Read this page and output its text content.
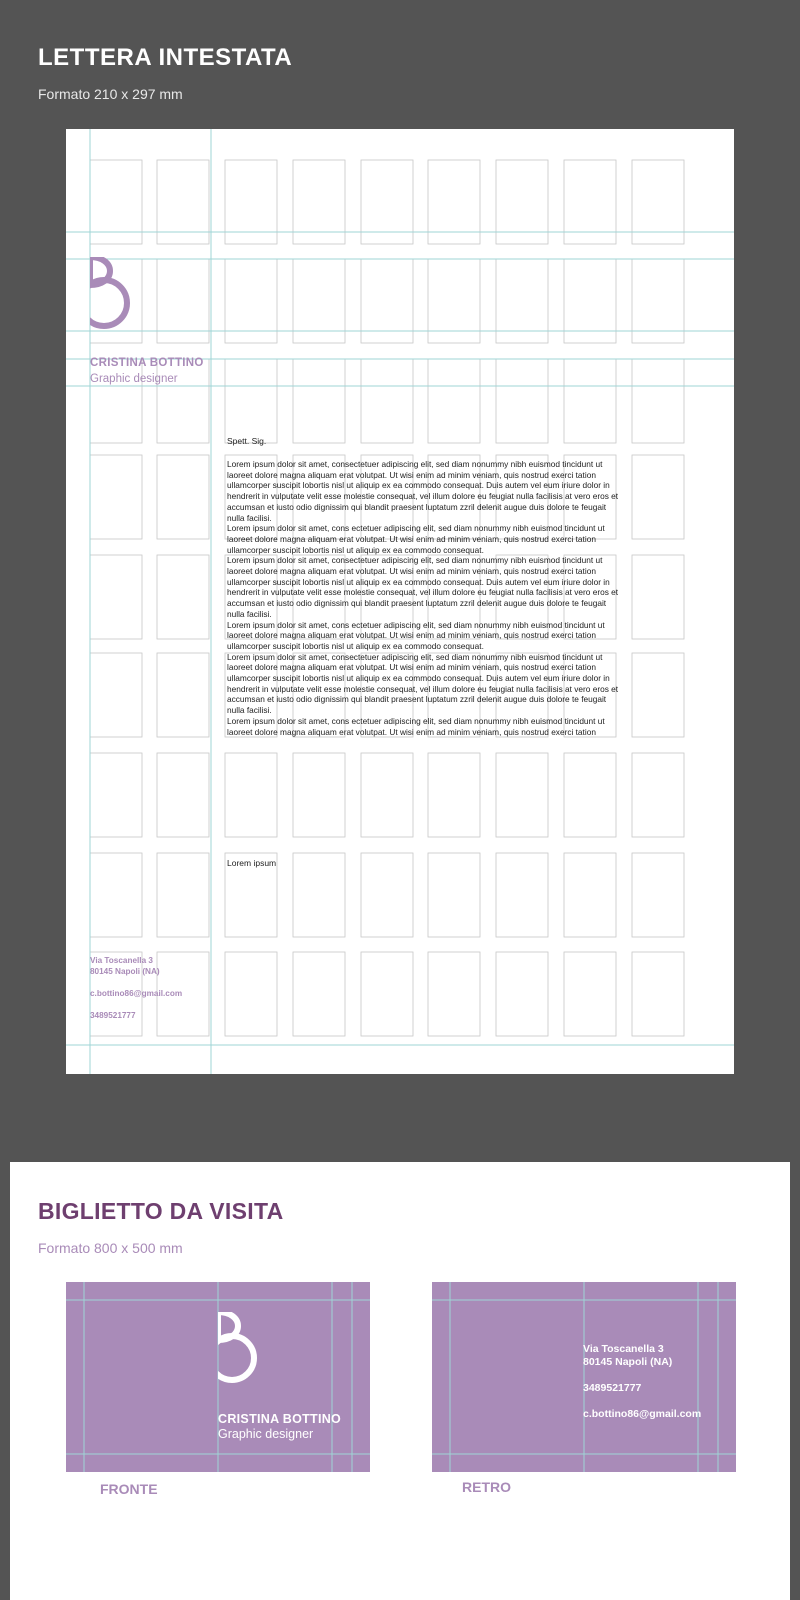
LETTERA INTESTATA
Formato 210 x 297 mm
CRISTINA BOTTINO
Graphic designer
Spett. Sig.

Lorem ipsum dolor sit amet, consectetuer adipiscing elit, sed diam nonummy nibh euismod tincidunt ut laoreet dolore magna aliquam erat volutpat. Ut wisi enim ad minim veniam, quis nostrud exerci tation ullamcorper suscipit lobortis nisl ut aliquip ex ea commodo consequat. Duis autem vel eum iriure dolor in hendrerit in vulputate velit esse molestie consequat, vel illum dolore eu feugiat nulla facilisis at vero eros et accumsan et iusto odio dignissim qui blandit praesent luptatum zzril delenit augue duis dolore te feugait nulla facilisi.

Lorem ipsum dolor sit amet, cons ectetuer adipiscing elit, sed diam nonummy nibh euismod tincidunt ut laoreet dolore magna aliquam erat volutpat. Ut wisi enim ad minim veniam, quis nostrud exerci tation ullamcorper suscipit lobortis nisl ut aliquip ex ea commodo consequat.

Lorem ipsum dolor sit amet, consectetuer adipiscing elit, sed diam nonummy nibh euismod tincidunt ut laoreet dolore magna aliquam erat volutpat. Ut wisi enim ad minim veniam, quis nostrud exerci tation ullamcorper suscipit lobortis nisl ut aliquip ex ea commodo consequat. Duis autem vel eum iriure dolor in hendrerit in vulputate velit esse molestie consequat, vel illum dolore eu feugiat nulla facilisis at vero eros et accumsan et iusto odio dignissim qui blandit praesent luptatum zzril delenit augue duis dolore te feugait nulla facilisi.

Lorem ipsum dolor sit amet, cons ectetuer adipiscing elit, sed diam nonummy nibh euismod tincidunt ut laoreet dolore magna aliquam erat volutpat. Ut wisi enim ad minim veniam, quis nostrud exerci tation ullamcorper suscipit lobortis nisl ut aliquip ex ea commodo consequat.

Lorem ipsum dolor sit amet, consectetuer adipiscing elit, sed diam nonummy nibh euismod tincidunt ut laoreet dolore magna aliquam erat volutpat. Ut wisi enim ad minim veniam, quis nostrud exerci tation ullamcorper suscipit lobortis nisl ut aliquip ex ea commodo consequat. Duis autem vel eum iriure dolor in hendrerit in vulputate velit esse molestie consequat, vel illum dolore eu feugiat nulla facilisis at vero eros et accumsan et iusto odio dignissim qui blandit praesent luptatum zzril delenit augue duis dolore te feugait nulla facilisi.

Lorem ipsum dolor sit amet, cons ectetuer adipiscing elit, sed diam nonummy nibh euismod tincidunt ut laoreet dolore magna aliquam erat volutpat. Ut wisi enim ad minim veniam, quis nostrud exerci tation

Lorem ipsum
Via Toscanella 3
80145 Napoli (NA)
c.bottino86@gmail.com
3489521777
BIGLIETTO DA VISITA
Formato 800 x 500 mm
CRISTINA BOTTINO
Graphic designer
FRONTE
Via Toscanella 3
80145 Napoli (NA)
3489521777
c.bottino86@gmail.com
RETRO
